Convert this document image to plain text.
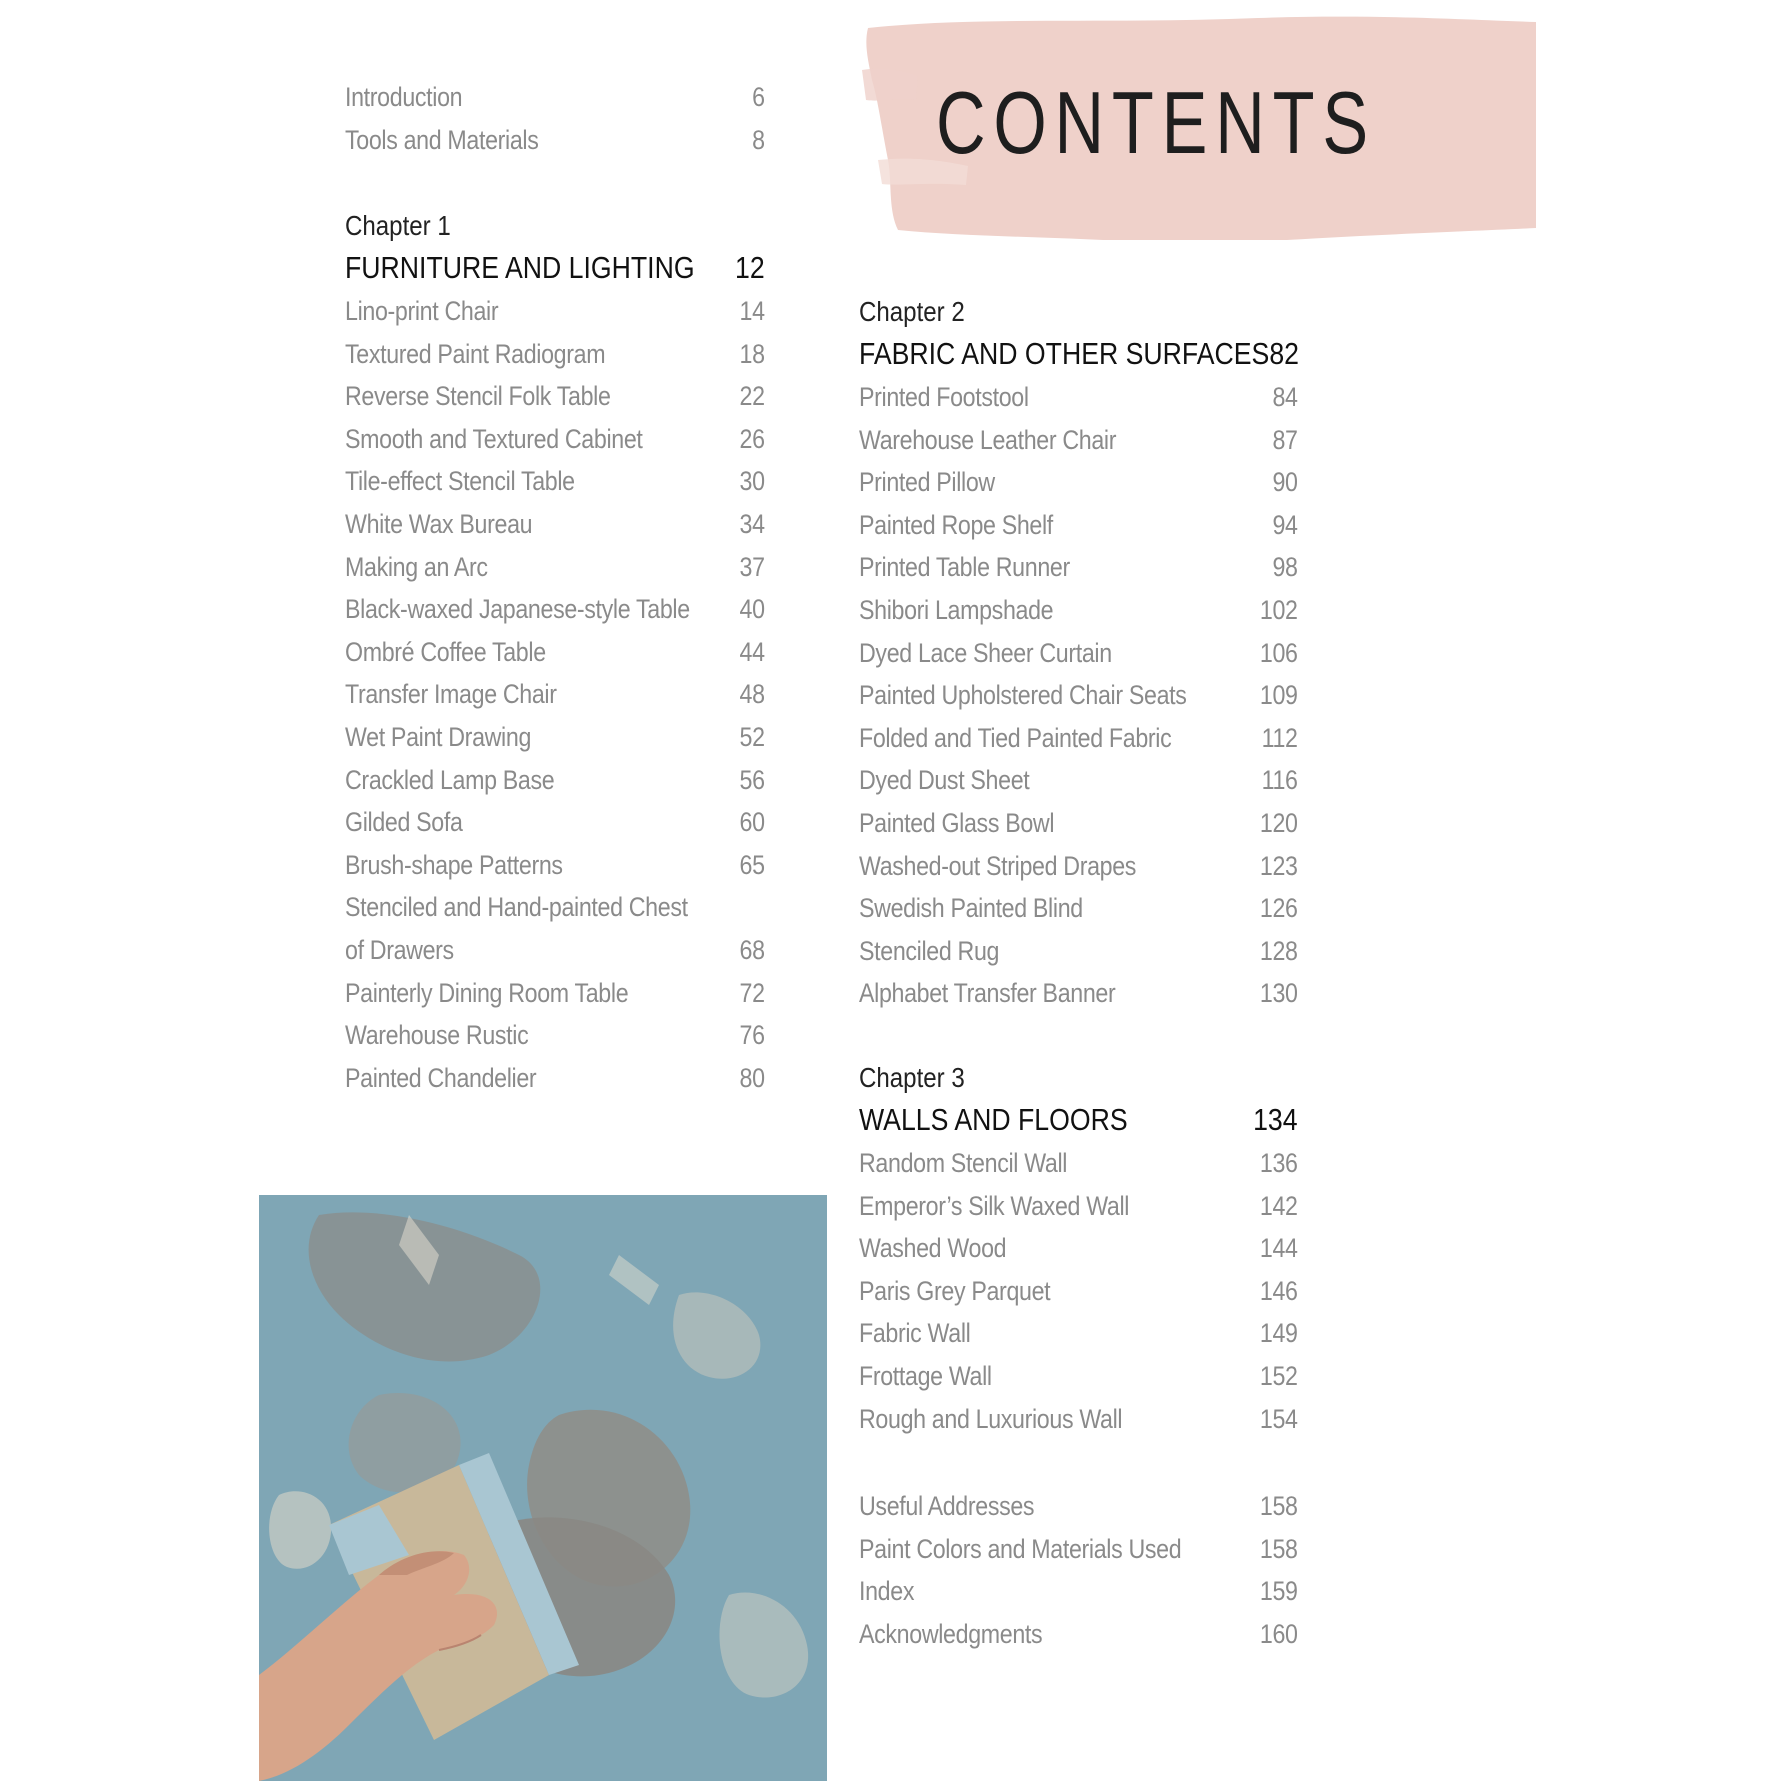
CONTENTS
Introduction	6
Tools and Materials	8
Chapter 1
FURNITURE AND LIGHTING 12
Lino-print Chair	14
Textured Paint Radiogram	18
Reverse Stencil Folk Table	22
Smooth and Textured Cabinet	26
Tile-effect Stencil Table	30
White Wax Bureau	34
Making an Arc	37
Black-waxed Japanese-style Table 40
Ombré Coffee Table	44
Transfer Image Chair	48
Wet Paint Drawing	52
Crackled Lamp Base	56
Gilded Sofa	60
Brush-shape Patterns	65
Stenciled and Hand-painted Chest
of Drawers	68
Painterly Dining Room Table	72
Warehouse Rustic	76
Painted Chandelier	80
Chapter 2
FABRIC AND OTHER SURFACES 82
Printed Footstool	84
Warehouse Leather Chair	87
Printed Pillow	90
Painted Rope Shelf	94
Printed Table Runner	98
Shibori Lampshade	102
Dyed Lace Sheer Curtain	106
Painted Upholstered Chair Seats	109
Folded and Tied Painted Fabric	112
Dyed Dust Sheet	116
Painted Glass Bowl	120
Washed-out Striped Drapes	123
Swedish Painted Blind	126
Stenciled Rug	128
Alphabet Transfer Banner	130
Chapter 3
WALLS AND FLOORS	134
Random Stencil Wall	136
Emperor’s Silk Waxed Wall	142
Washed Wood	144
Paris Grey Parquet	146
Fabric Wall	149
Frottage Wall	152
Rough and Luxurious Wall	154
Useful Addresses	158
Paint Colors and Materials Used	158
Index	159
Acknowledgments	160
